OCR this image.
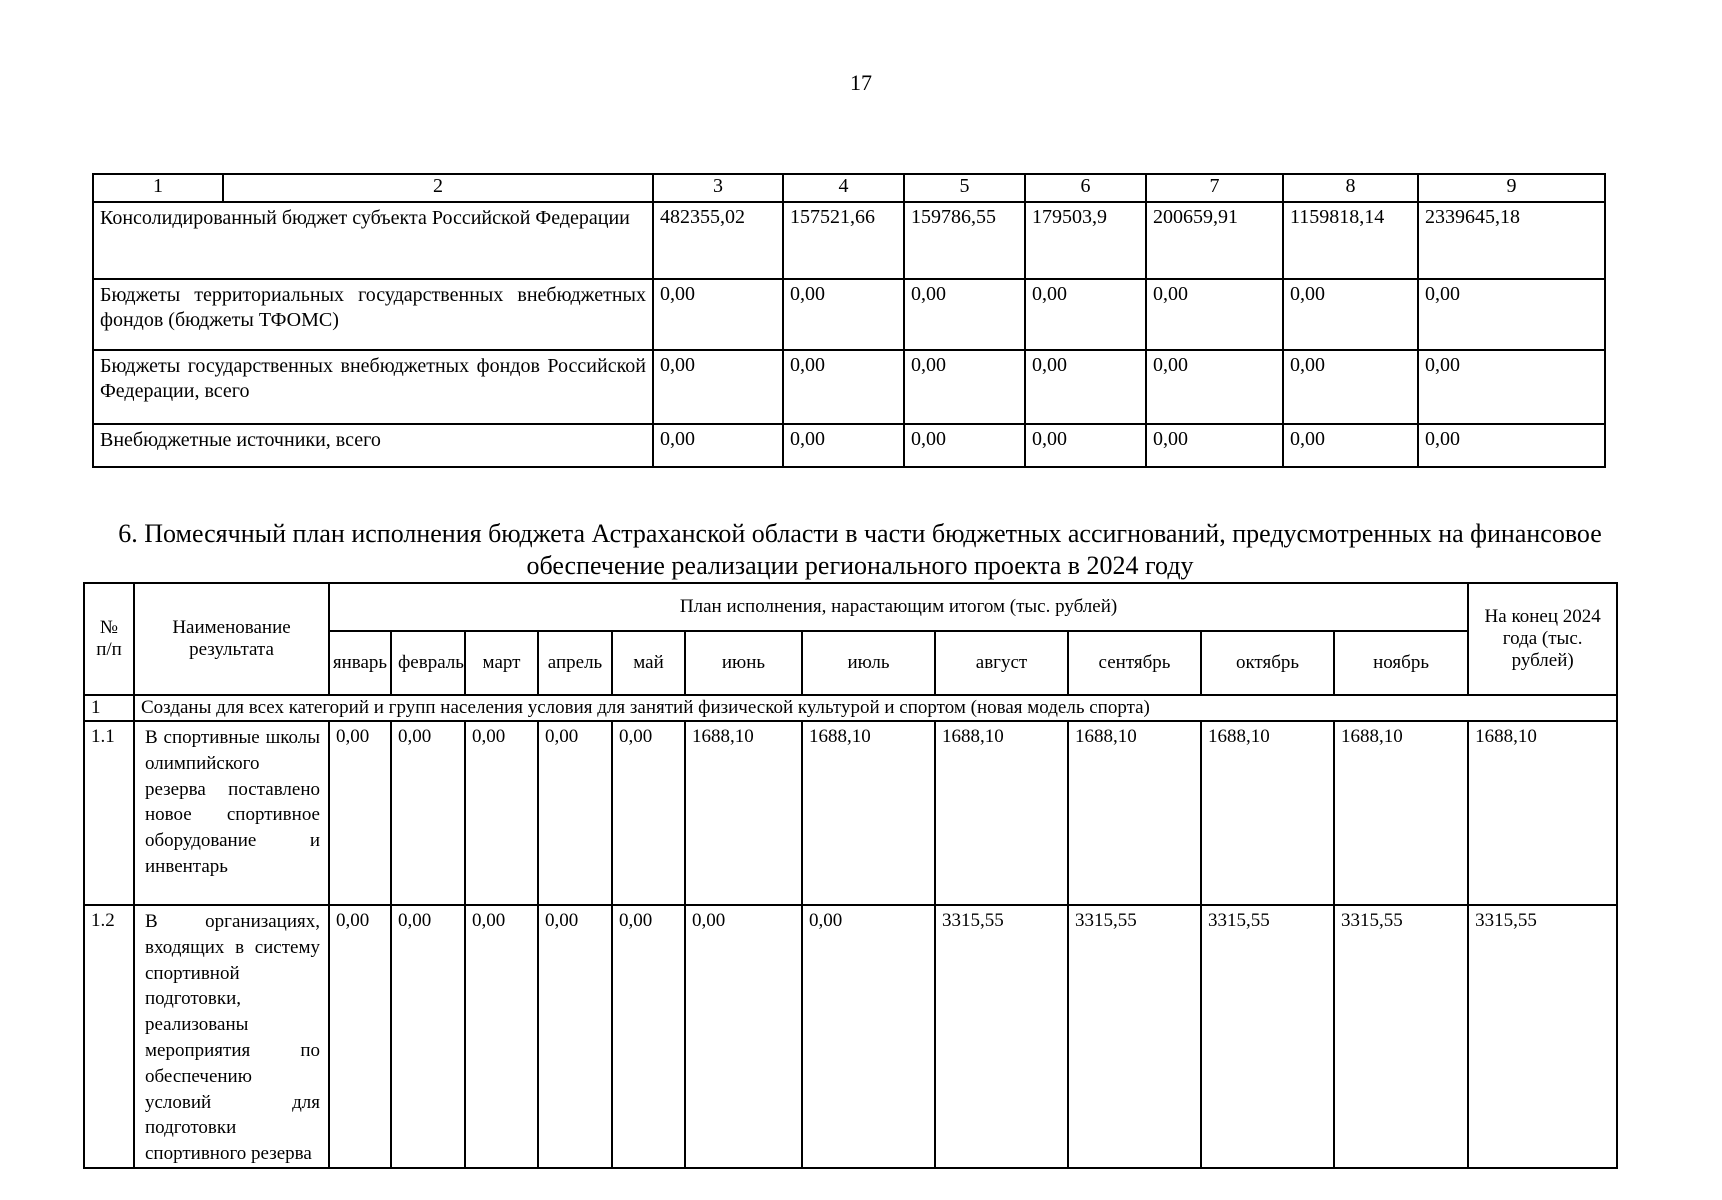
17
1	2	3	4	5	6	7	8	9
Консолидированный бюджет субъекта Российской Федерации		482355,02	157521,66	159786,55	179503,9	200659,91	1159818,14	2339645,18
Бюджеты территориальных государственных внебюджетных фондов (бюджеты ТФОМС)		0,00	0,00	0,00	0,00	0,00	0,00	0,00
Бюджеты государственных внебюджетных фондов Российской Федерации, всего		0,00	0,00	0,00	0,00	0,00	0,00	0,00
Внебюджетные источники, всего		0,00	0,00	0,00	0,00	0,00	0,00	0,00
6. Помесячный план исполнения бюджета Астраханской области в части бюджетных ассигнований, предусмотренных на финансовое обеспечение реализации регионального проекта в 2024 году
№ п/п	Наименование результата	План исполнения, нарастающим итогом (тыс. рублей)											На конец 2024 года (тыс. рублей)
		январь	февраль	март	апрель	май	июнь	июль	август	сентябрь	октябрь	ноябрь	
1	Созданы для всех категорий и групп населения условия для занятий физической культурой и спортом (новая модель спорта)												
1.1	В спортивные школы олимпийского резерва поставлено новое спортивное оборудование и инвентарь	0,00	0,00	0,00	0,00	0,00	1688,10	1688,10	1688,10	1688,10	1688,10	1688,10	1688,10
1.2	В организациях, входящих в систему спортивной подготовки, реализованы мероприятия по обеспечению условий для подготовки спортивного резерва	0,00	0,00	0,00	0,00	0,00	0,00	0,00	3315,55	3315,55	3315,55	3315,55	3315,55
